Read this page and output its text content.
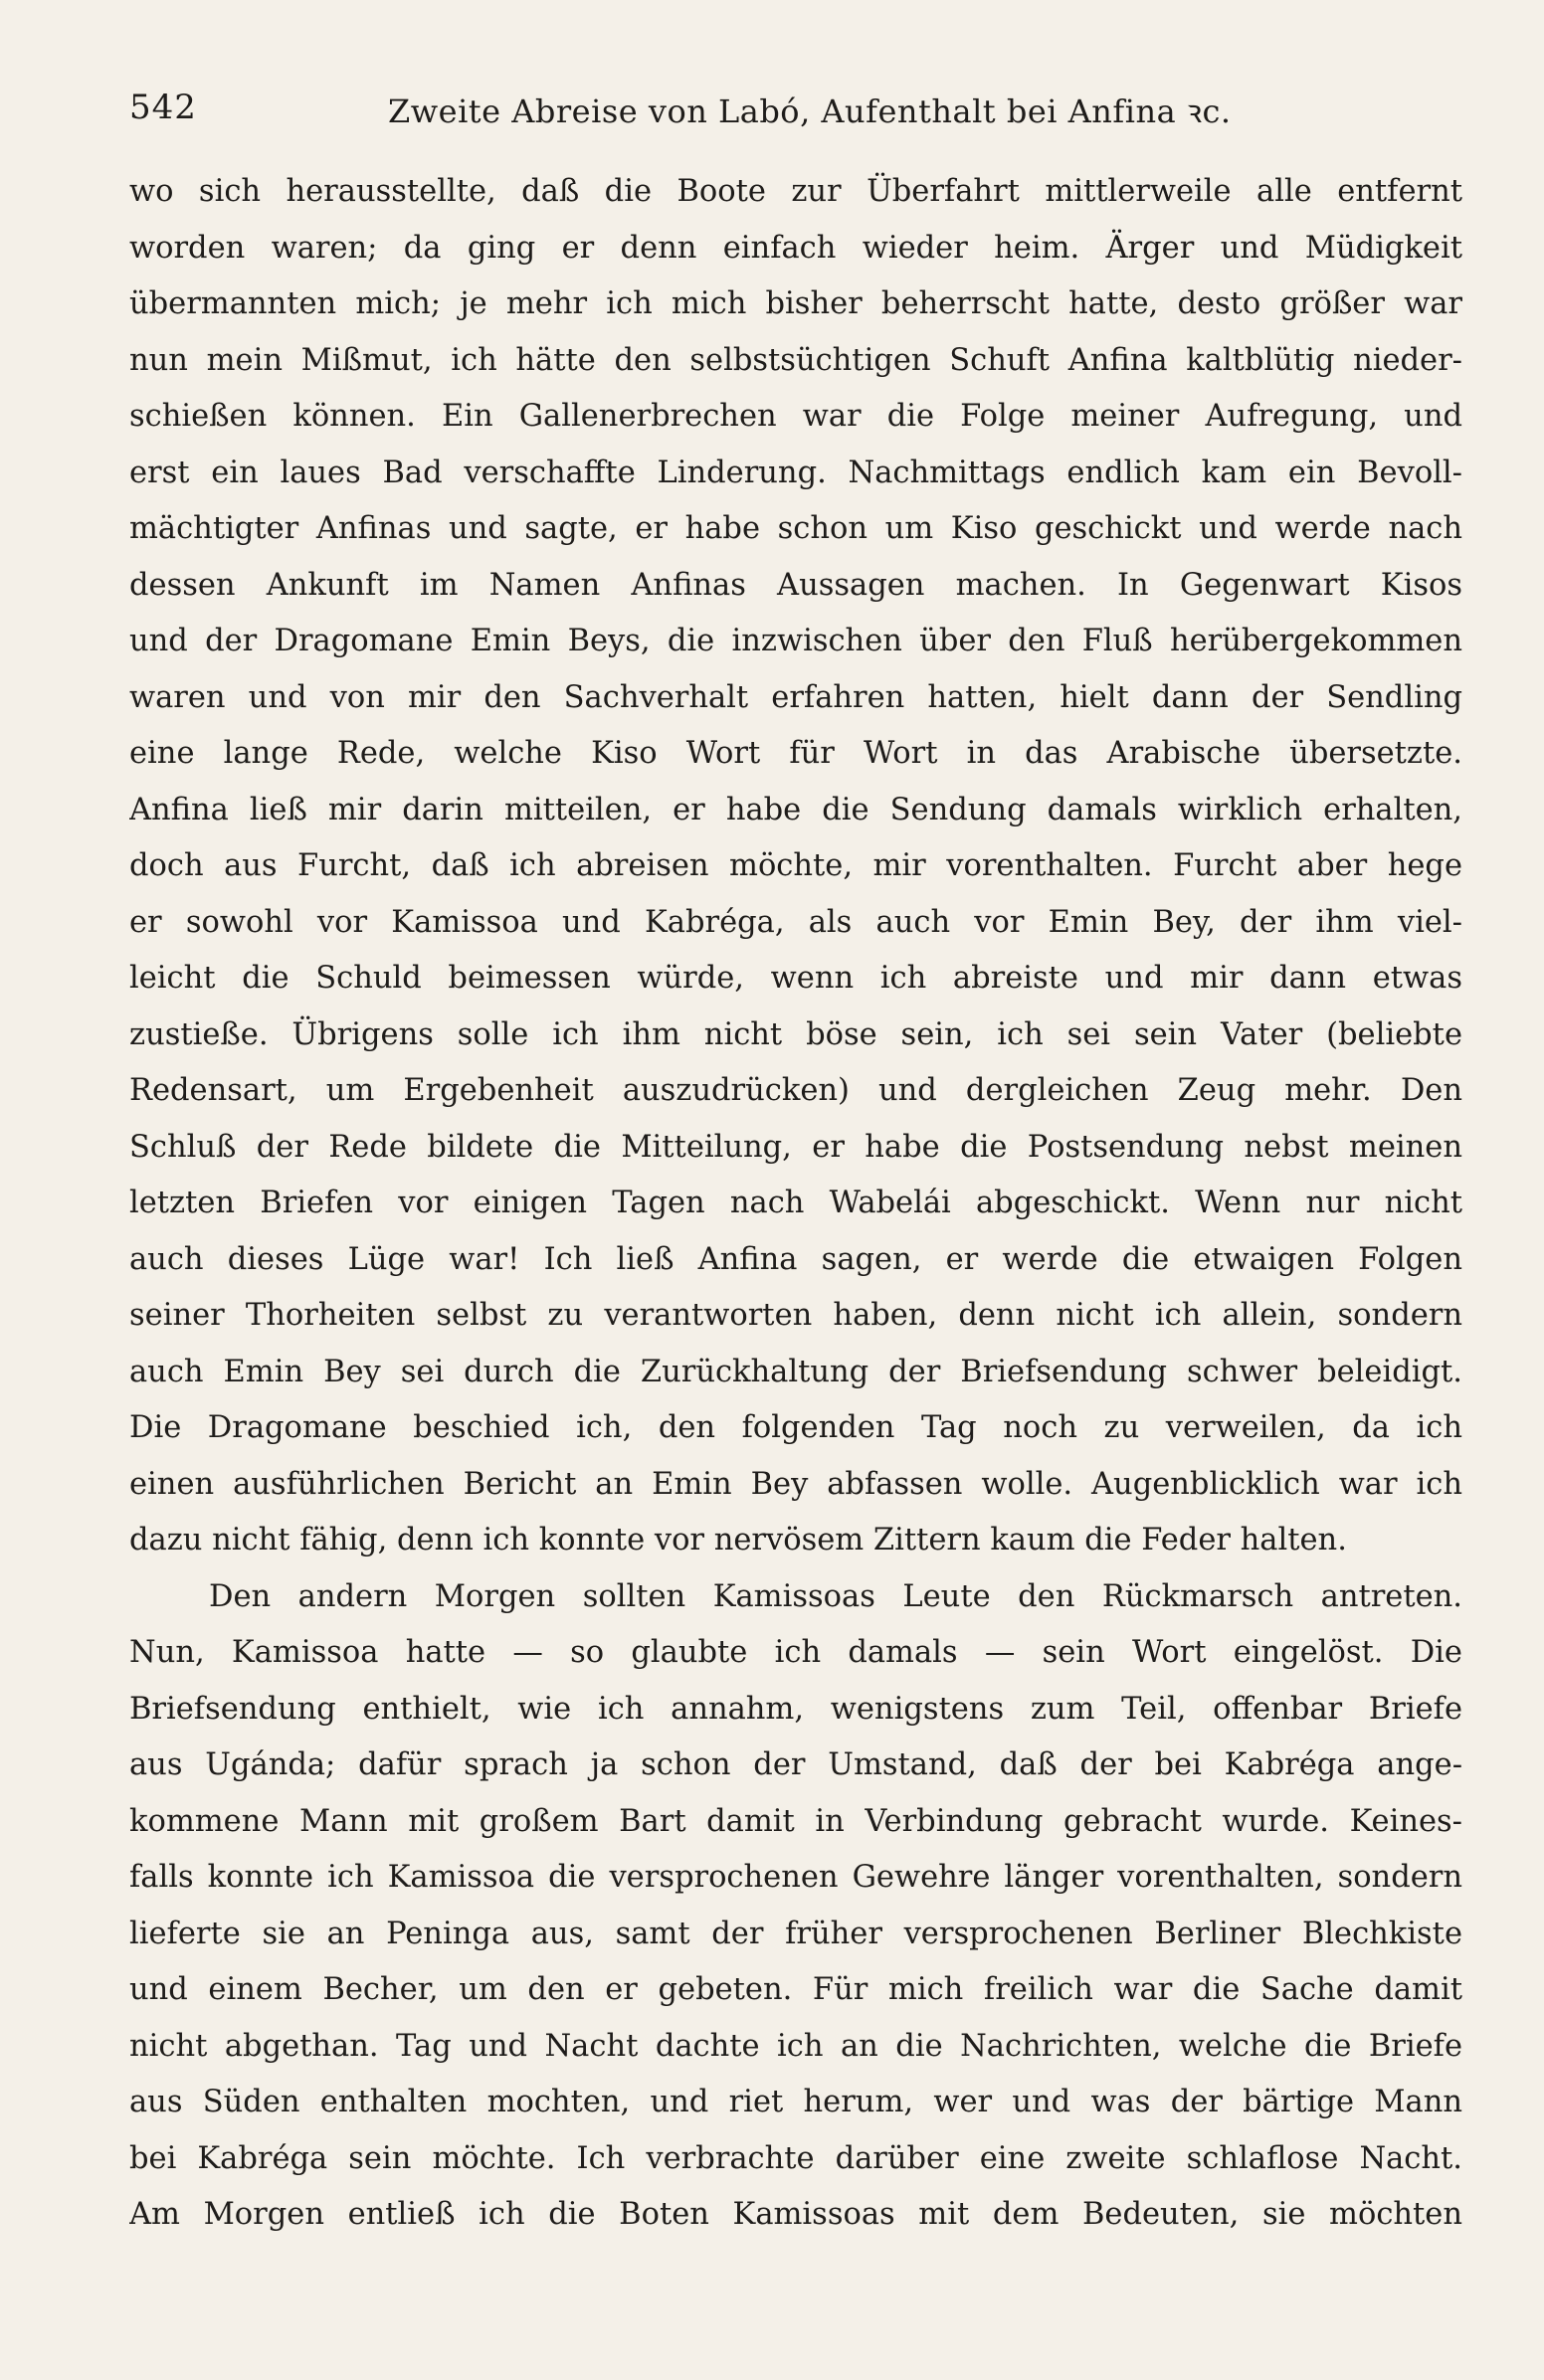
542	Zweite Abreise von Labó, Aufenthalt bei Anfina ꝛc.
wo sich herausstellte, daß die Boote zur Überfahrt mittlerweile alle entfernt
worden waren; da ging er denn einfach wieder heim. Ärger und Müdigkeit
übermannten mich; je mehr ich mich bisher beherrscht hatte, desto größer war
nun mein Mißmut, ich hätte den selbstsüchtigen Schuft Anfina kaltblütig nieder-
schießen können. Ein Gallenerbrechen war die Folge meiner Aufregung, und
erst ein laues Bad verschaffte Linderung. Nachmittags endlich kam ein Bevoll-
mächtigter Anfinas und sagte, er habe schon um Kiso geschickt und werde nach
dessen Ankunft im Namen Anfinas Aussagen machen. In Gegenwart Kisos
und der Dragomane Emin Beys, die inzwischen über den Fluß herübergekommen
waren und von mir den Sachverhalt erfahren hatten, hielt dann der Sendling
eine lange Rede, welche Kiso Wort für Wort in das Arabische übersetzte.
Anfina ließ mir darin mitteilen, er habe die Sendung damals wirklich erhalten,
doch aus Furcht, daß ich abreisen möchte, mir vorenthalten. Furcht aber hege
er sowohl vor Kamissoa und Kabréga, als auch vor Emin Bey, der ihm viel-
leicht die Schuld beimessen würde, wenn ich abreiste und mir dann etwas
zustieße. Übrigens solle ich ihm nicht böse sein, ich sei sein Vater (beliebte
Redensart, um Ergebenheit auszudrücken) und dergleichen Zeug mehr. Den
Schluß der Rede bildete die Mitteilung, er habe die Postsendung nebst meinen
letzten Briefen vor einigen Tagen nach Wabelái abgeschickt. Wenn nur nicht
auch dieses Lüge war! Ich ließ Anfina sagen, er werde die etwaigen Folgen
seiner Thorheiten selbst zu verantworten haben, denn nicht ich allein, sondern
auch Emin Bey sei durch die Zurückhaltung der Briefsendung schwer beleidigt.
Die Dragomane beschied ich, den folgenden Tag noch zu verweilen, da ich
einen ausführlichen Bericht an Emin Bey abfassen wolle. Augenblicklich war ich
dazu nicht fähig, denn ich konnte vor nervösem Zittern kaum die Feder halten.
Den andern Morgen sollten Kamissoas Leute den Rückmarsch antreten.
Nun, Kamissoa hatte — so glaubte ich damals — sein Wort eingelöst. Die
Briefsendung enthielt, wie ich annahm, wenigstens zum Teil, offenbar Briefe
aus Ugánda; dafür sprach ja schon der Umstand, daß der bei Kabréga ange-
kommene Mann mit großem Bart damit in Verbindung gebracht wurde. Keines-
falls konnte ich Kamissoa die versprochenen Gewehre länger vorenthalten, sondern
lieferte sie an Peninga aus, samt der früher versprochenen Berliner Blechkiste
und einem Becher, um den er gebeten. Für mich freilich war die Sache damit
nicht abgethan. Tag und Nacht dachte ich an die Nachrichten, welche die Briefe
aus Süden enthalten mochten, und riet herum, wer und was der bärtige Mann
bei Kabréga sein möchte. Ich verbrachte darüber eine zweite schlaflose Nacht.
Am Morgen entließ ich die Boten Kamissoas mit dem Bedeuten, sie möchten
